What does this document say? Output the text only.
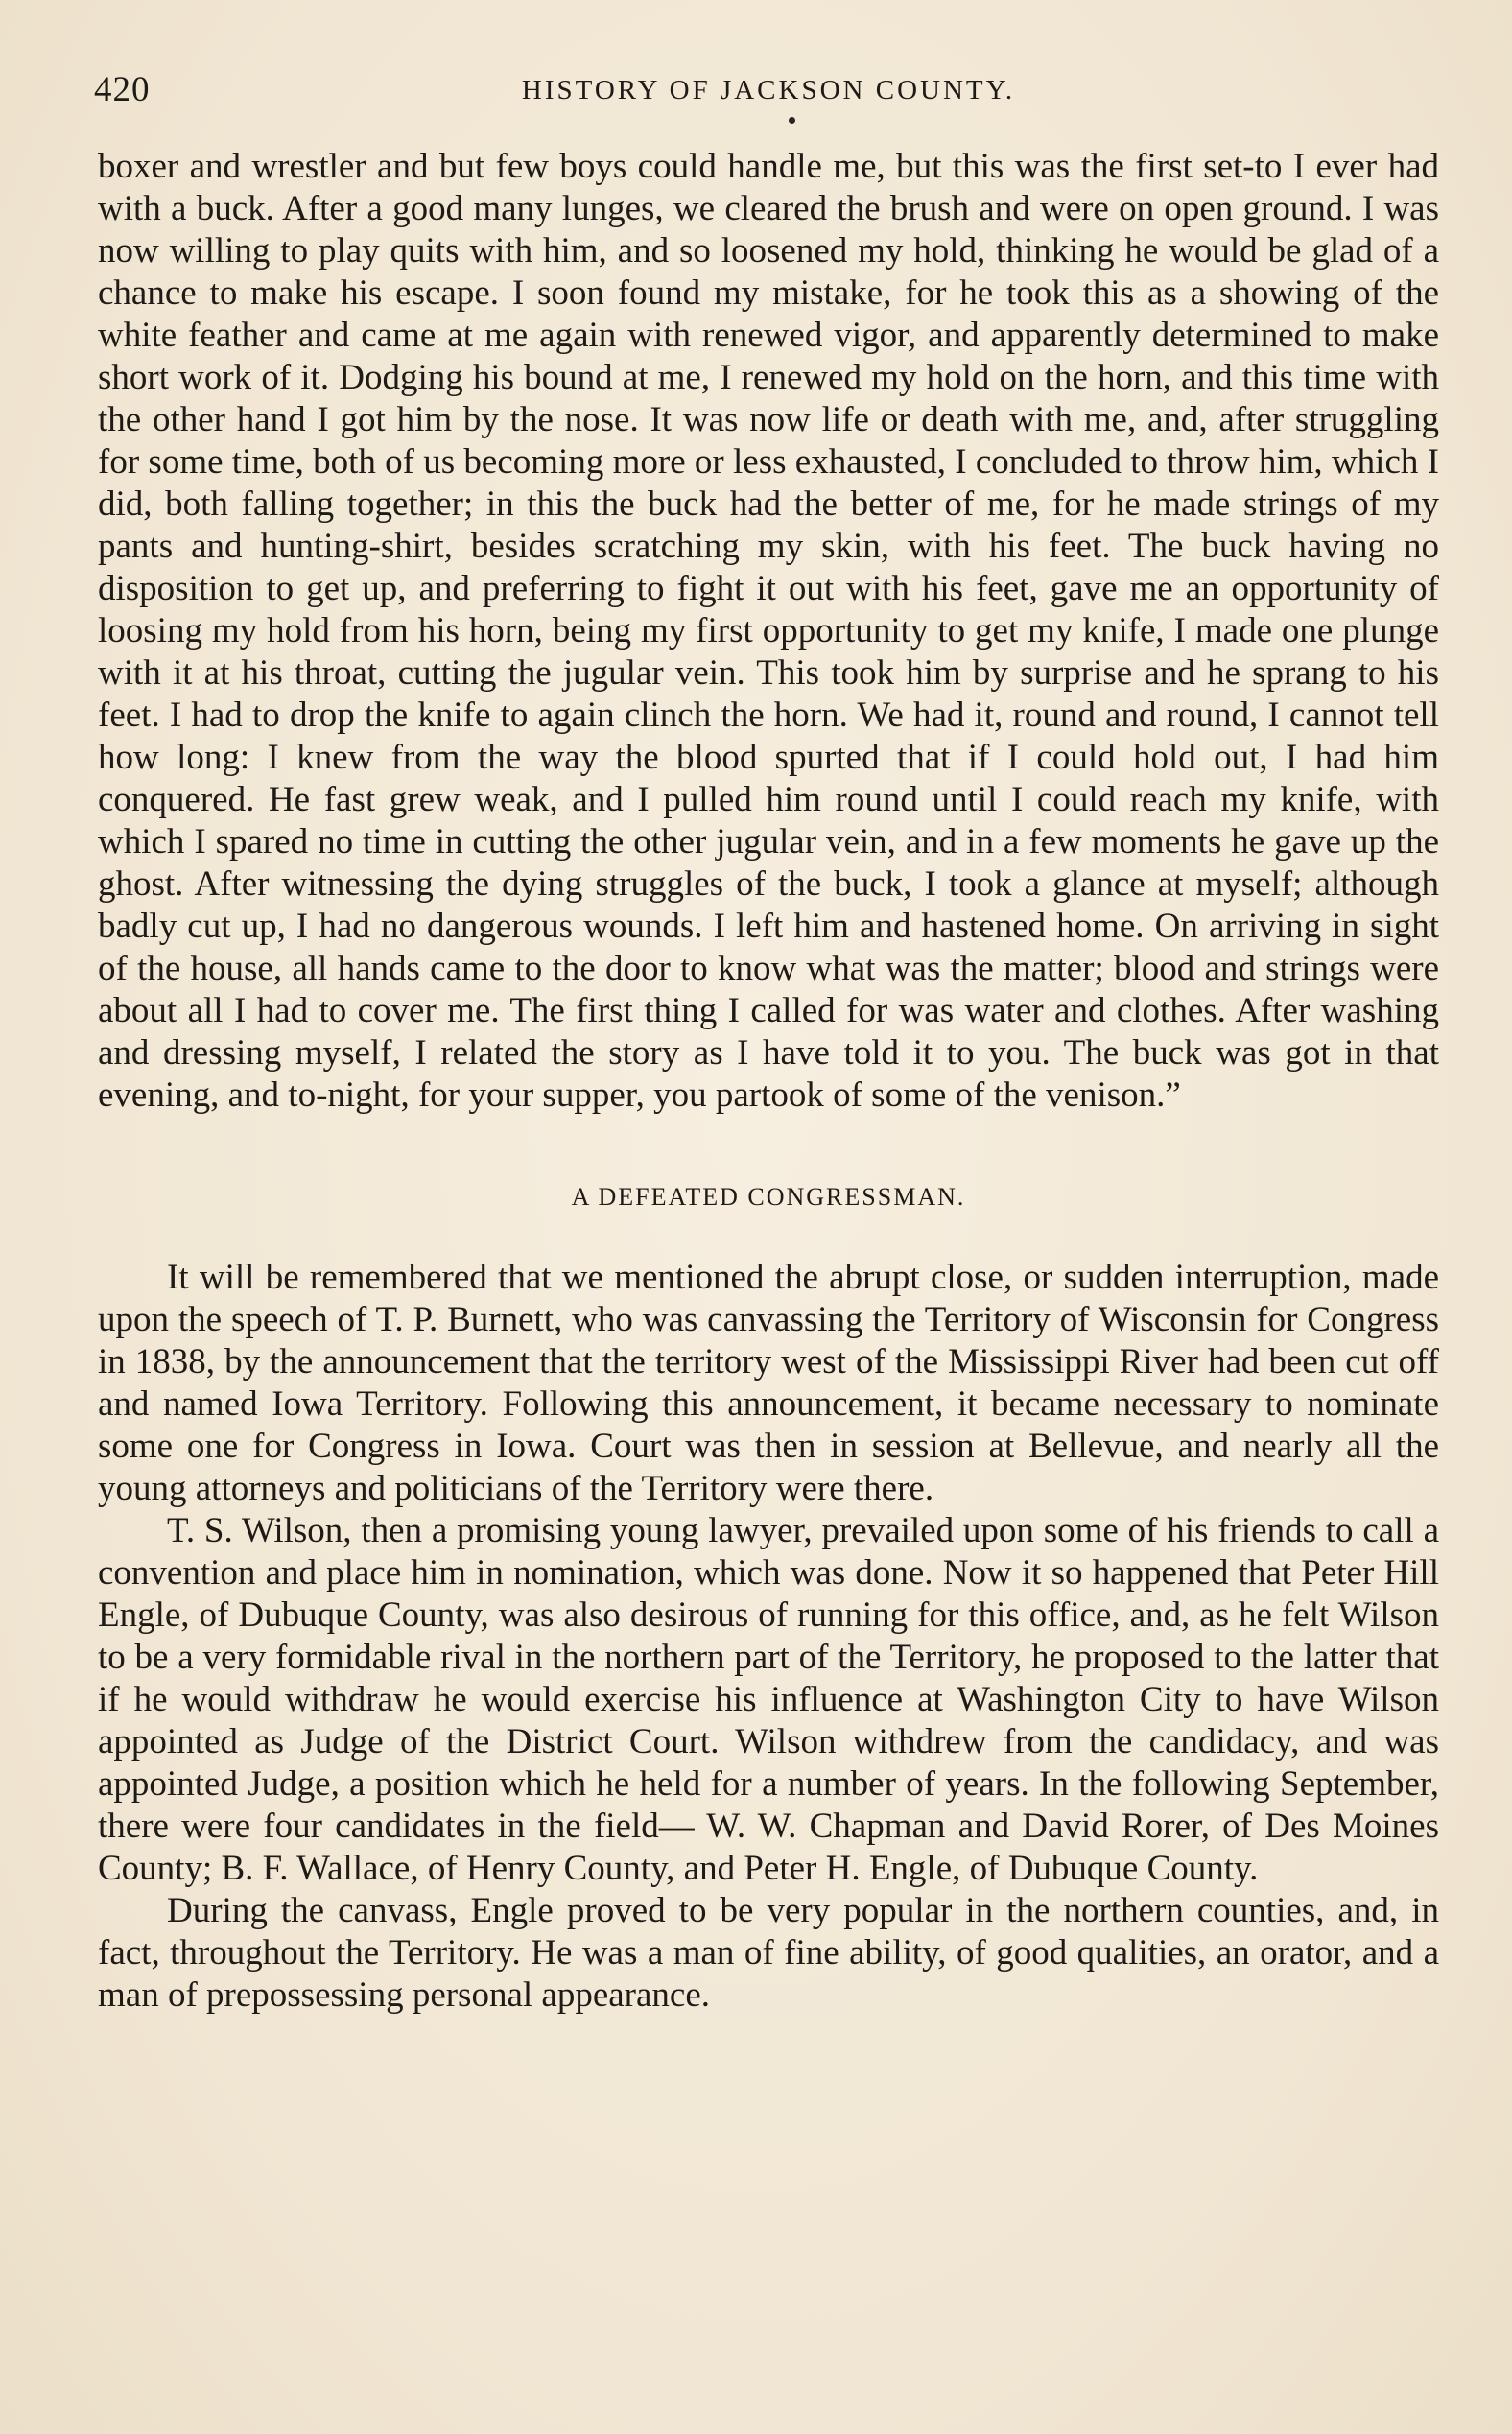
420	HISTORY OF JACKSON COUNTY.

boxer and wrestler and but few boys could handle me, but this was the first set-to I ever had with a buck. After a good many lunges, we cleared the brush and were on open ground. I was now willing to play quits with him, and so loosened my hold, thinking he would be glad of a chance to make his escape. I soon found my mistake, for he took this as a showing of the white feather and came at me again with renewed vigor, and apparently determined to make short work of it. Dodging his bound at me, I renewed my hold on the horn, and this time with the other hand I got him by the nose. It was now life or death with me, and, after struggling for some time, both of us becoming more or less exhausted, I concluded to throw him, which I did, both falling together; in this the buck had the better of me, for he made strings of my pants and hunting-shirt, besides scratching my skin, with his feet. The buck having no disposition to get up, and preferring to fight it out with his feet, gave me an opportunity of loosing my hold from his horn, being my first opportunity to get my knife, I made one plunge with it at his throat, cutting the jugular vein. This took him by surprise and he sprang to his feet. I had to drop the knife to again clinch the horn. We had it, round and round, I cannot tell how long: I knew from the way the blood spurted that if I could hold out, I had him conquered. He fast grew weak, and I pulled him round until I could reach my knife, with which I spared no time in cutting the other jugular vein, and in a few moments he gave up the ghost. After witnessing the dying struggles of the buck, I took a glance at myself; although badly cut up, I had no dangerous wounds. I left him and hastened home. On arriving in sight of the house, all hands came to the door to know what was the matter; blood and strings were about all I had to cover me. The first thing I called for was water and clothes. After washing and dressing myself, I related the story as I have told it to you. The buck was got in that evening, and to-night, for your supper, you partook of some of the venison.”

A DEFEATED CONGRESSMAN.

It will be remembered that we mentioned the abrupt close, or sudden interruption, made upon the speech of T. P. Burnett, who was canvassing the Territory of Wisconsin for Congress in 1838, by the announcement that the territory west of the Mississippi River had been cut off and named Iowa Territory. Following this announcement, it became necessary to nominate some one for Congress in Iowa. Court was then in session at Bellevue, and nearly all the young attorneys and politicians of the Territory were there.

T. S. Wilson, then a promising young lawyer, prevailed upon some of his friends to call a convention and place him in nomination, which was done. Now it so happened that Peter Hill Engle, of Dubuque County, was also desirous of running for this office, and, as he felt Wilson to be a very formidable rival in the northern part of the Territory, he proposed to the latter that if he would withdraw he would exercise his influence at Washington City to have Wilson appointed as Judge of the District Court. Wilson withdrew from the candidacy, and was appointed Judge, a position which he held for a number of years. In the following September, there were four candidates in the field— W. W. Chapman and David Rorer, of Des Moines County; B. F. Wallace, of Henry County, and Peter H. Engle, of Dubuque County.

During the canvass, Engle proved to be very popular in the northern counties, and, in fact, throughout the Territory. He was a man of fine ability, of good qualities, an orator, and a man of prepossessing personal appearance.
